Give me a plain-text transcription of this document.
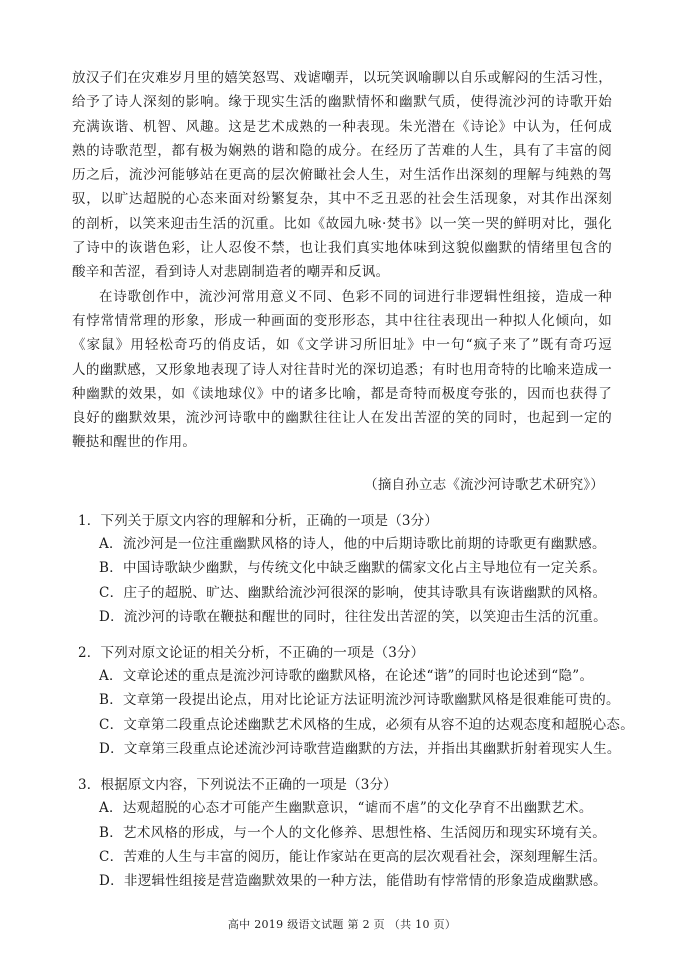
放汉子们在灾难岁月里的嬉笑怒骂、戏谑嘲弄，以玩笑讽喻聊以自乐或解闷的生活习性，

给予了诗人深刻的影响。缘于现实生活的幽默情怀和幽默气质，使得流沙河的诗歌开始

充满诙谐、机智、风趣。这是艺术成熟的一种表现。朱光潜在《诗论》中认为，任何成

熟的诗歌范型，都有极为娴熟的谐和隐的成分。在经历了苦难的人生，具有了丰富的阅

历之后，流沙河能够站在更高的层次俯瞰社会人生，对生活作出深刻的理解与纯熟的驾

驭，以旷达超脱的心态来面对纷繁复杂，其中不乏丑恶的社会生活现象，对其作出深刻

的剖析，以笑来迎击生活的沉重。比如《故园九咏·焚书》以一笑一哭的鲜明对比，强化

了诗中的诙谐色彩，让人忍俊不禁，也让我们真实地体味到这貌似幽默的情绪里包含的

酸辛和苦涩，看到诗人对悲剧制造者的嘲弄和反讽。

在诗歌创作中，流沙河常用意义不同、色彩不同的词进行非逻辑性组接，造成一种

有悖常情常理的形象，形成一种画面的变形形态，其中往往表现出一种拟人化倾向，如

《家鼠》用轻松奇巧的俏皮话，如《文学讲习所旧址》中一句“疯子来了”既有奇巧逗

人的幽默感，又形象地表现了诗人对往昔时光的深切追悉；有时也用奇特的比喻来造成一

种幽默的效果，如《读地球仪》中的诸多比喻，都是奇特而极度夸张的，因而也获得了

良好的幽默效果，流沙河诗歌中的幽默往往让人在发出苦涩的笑的同时，也起到一定的

鞭挞和醒世的作用。

（摘自孙立志《流沙河诗歌艺术研究》）
1．下列关于原文内容的理解和分析，正确的一项是（3分）
A．流沙河是一位注重幽默风格的诗人，他的中后期诗歌比前期的诗歌更有幽默感。
B．中国诗歌缺少幽默，与传统文化中缺乏幽默的儒家文化占主导地位有一定关系。
C．庄子的超脱、旷达、幽默给流沙河很深的影响，使其诗歌具有诙谐幽默的风格。
D．流沙河的诗歌在鞭挞和醒世的同时，往往发出苦涩的笑，以笑迎击生活的沉重。
2．下列对原文论证的相关分析，不正确的一项是（3分）
A．文章论述的重点是流沙河诗歌的幽默风格，在论述“谐”的同时也论述到“隐”。
B．文章第一段提出论点，用对比论证方法证明流沙河诗歌幽默风格是很难能可贵的。
C．文章第二段重点论述幽默艺术风格的生成，必须有从容不迫的达观态度和超脱心态。
D．文章第三段重点论述流沙河诗歌营造幽默的方法，并指出其幽默折射着现实人生。
3．根据原文内容，下列说法不正确的一项是（3分）
A．达观超脱的心态才可能产生幽默意识，“谑而不虐”的文化孕育不出幽默艺术。
B．艺术风格的形成，与一个人的文化修养、思想性格、生活阅历和现实环境有关。
C．苦难的人生与丰富的阅历，能让作家站在更高的层次观看社会，深刻理解生活。
D．非逻辑性组接是营造幽默效果的一种方法，能借助有悖常情的形象造成幽默感。
高中 2019 级语文试题 第 2 页 （共 10 页）
